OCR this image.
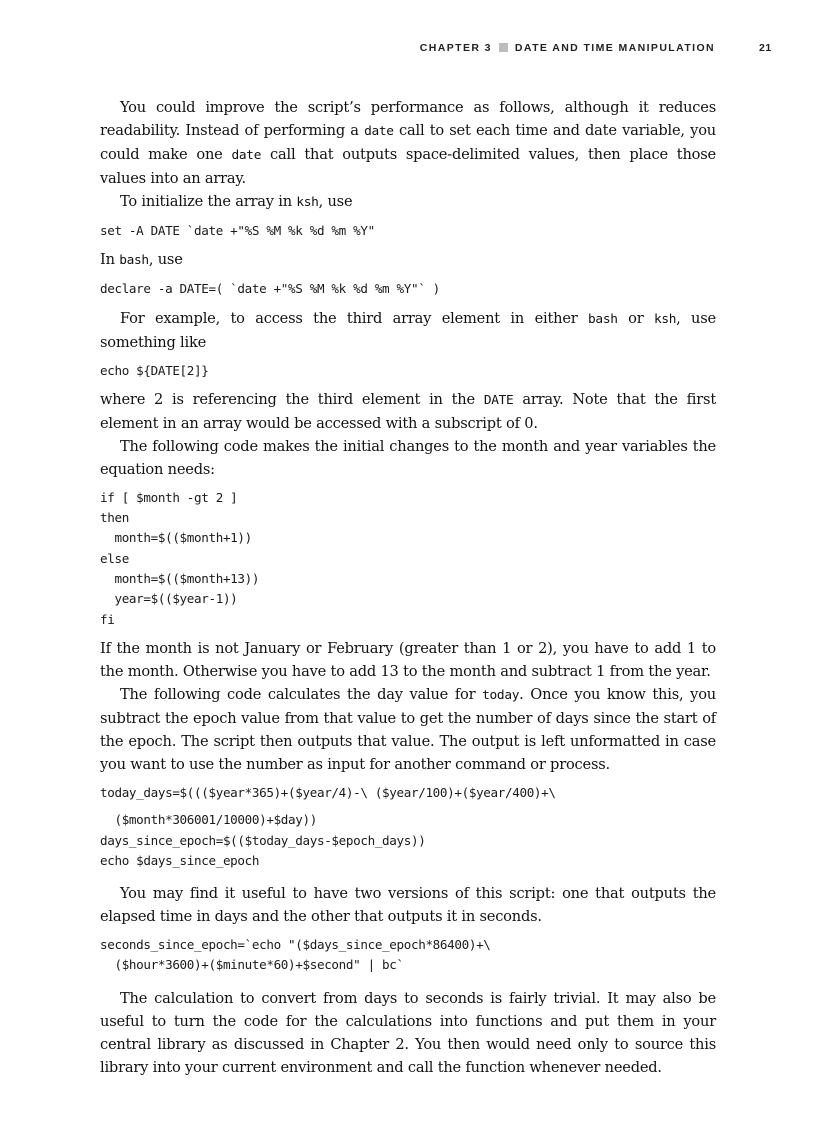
CHAPTER 3 DATE AND TIME MANIPULATION	21

You could improve the script’s performance as follows, although it reduces readability. Instead of performing a date call to set each time and date variable, you could make one date call that outputs space-delimited values, then place those values into an array.

To initialize the array in ksh, use

set -A DATE `date +"%S %M %k %d %m %Y"

In bash, use

declare -a DATE=( `date +"%S %M %k %d %m %Y"` )

For example, to access the third array element in either bash or ksh, use something like

echo ${DATE[2]}

where 2 is referencing the third element in the DATE array. Note that the first element in an array would be accessed with a subscript of 0.

The following code makes the initial changes to the month and year variables the equation needs:

if [ $month -gt 2 ]
then
month=$(($month+1))
else
month=$(($month+13))
year=$(($year-1))
fi

If the month is not January or February (greater than 1 or 2), you have to add 1 to the month. Otherwise you have to add 13 to the month and subtract 1 from the year.

The following code calculates the day value for today. Once you know this, you subtract the epoch value from that value to get the number of days since the start of the epoch. The script then outputs that value. The output is left unformatted in case you want to use the number as input for another command or process.

today_days=$((($year*365)+($year/4)-\ ($year/100)+($year/400)+\
($month*306001/10000)+$day))
days_since_epoch=$(($today_days-$epoch_days))
echo $days_since_epoch

You may find it useful to have two versions of this script: one that outputs the elapsed time in days and the other that outputs it in seconds.

seconds_since_epoch=`echo "($days_since_epoch*86400)+\
($hour*3600)+($minute*60)+$second" | bc`

The calculation to convert from days to seconds is fairly trivial. It may also be useful to turn the code for the calculations into functions and put them in your central library as discussed in Chapter 2. You then would need only to source this library into your current environment and call the function whenever needed.
